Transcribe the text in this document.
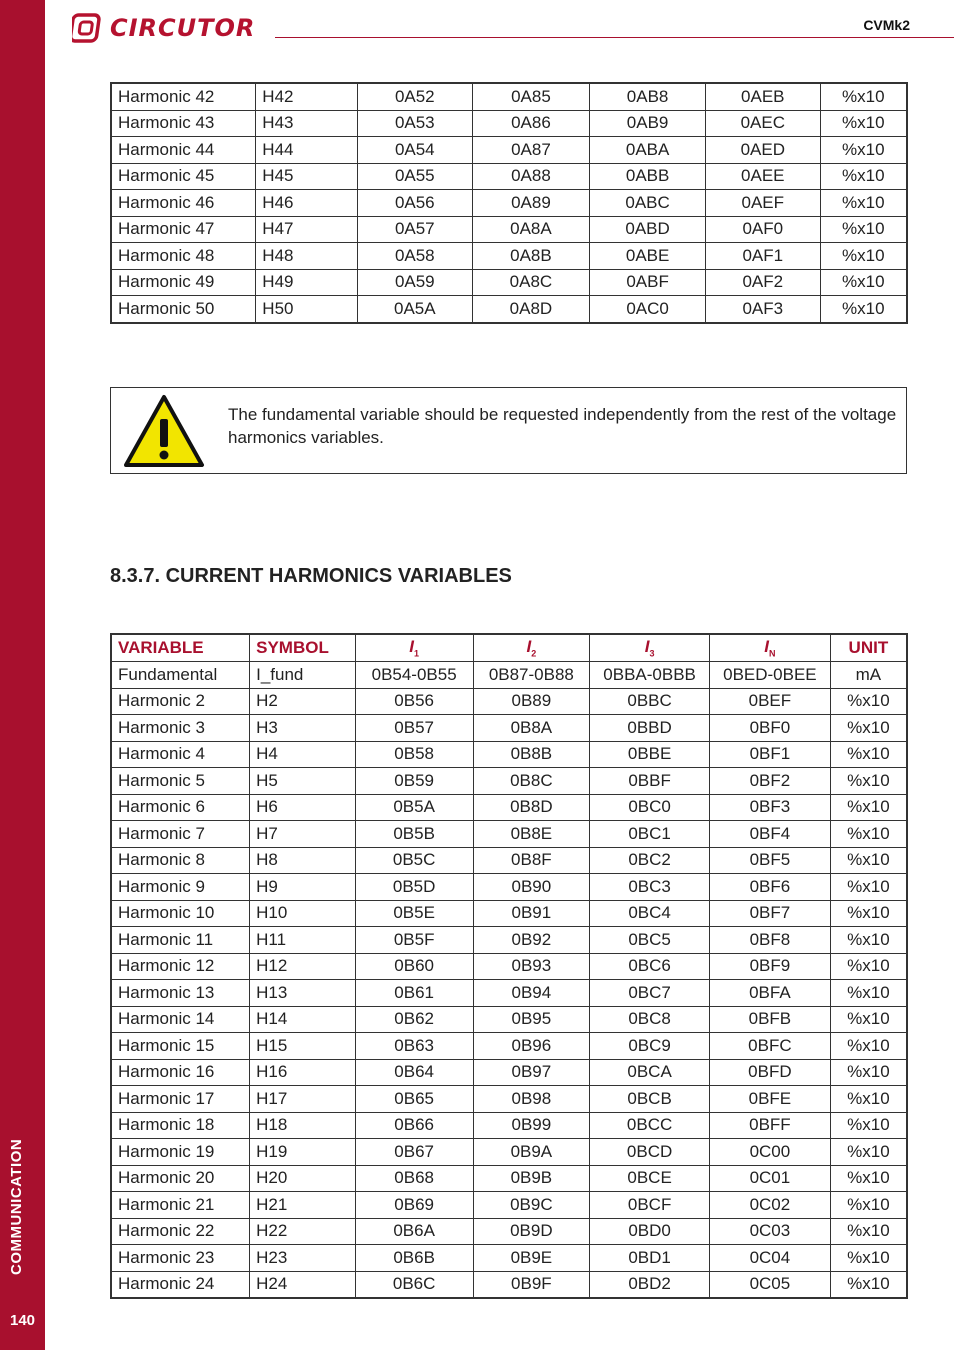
COMMUNICATION
140
CIRCUTOR	CVMk2
Harmonic 42	H42	0A52	0A85	0AB8	0AEB	%x10
Harmonic 43	H43	0A53	0A86	0AB9	0AEC	%x10
Harmonic 44	H44	0A54	0A87	0ABA	0AED	%x10
Harmonic 45	H45	0A55	0A88	0ABB	0AEE	%x10
Harmonic 46	H46	0A56	0A89	0ABC	0AEF	%x10
Harmonic 47	H47	0A57	0A8A	0ABD	0AF0	%x10
Harmonic 48	H48	0A58	0A8B	0ABE	0AF1	%x10
Harmonic 49	H49	0A59	0A8C	0ABF	0AF2	%x10
Harmonic 50	H50	0A5A	0A8D	0AC0	0AF3	%x10
The fundamental variable should be requested independently from the rest of the voltage harmonics variables.
8.3.7. CURRENT HARMONICS VARIABLES
VARIABLE	SYMBOL	$I_1$	$I_2$	$I_3$	$I_N$	UNIT
Fundamental	I_fund	0B54-0B55	0B87-0B88	0BBA-0BBB	0BED-0BEE	mA
Harmonic 2	H2	0B56	0B89	0BBC	0BEF	%x10
Harmonic 3	H3	0B57	0B8A	0BBD	0BF0	%x10
Harmonic 4	H4	0B58	0B8B	0BBE	0BF1	%x10
Harmonic 5	H5	0B59	0B8C	0BBF	0BF2	%x10
Harmonic 6	H6	0B5A	0B8D	0BC0	0BF3	%x10
Harmonic 7	H7	0B5B	0B8E	0BC1	0BF4	%x10
Harmonic 8	H8	0B5C	0B8F	0BC2	0BF5	%x10
Harmonic 9	H9	0B5D	0B90	0BC3	0BF6	%x10
Harmonic 10	H10	0B5E	0B91	0BC4	0BF7	%x10
Harmonic 11	H11	0B5F	0B92	0BC5	0BF8	%x10
Harmonic 12	H12	0B60	0B93	0BC6	0BF9	%x10
Harmonic 13	H13	0B61	0B94	0BC7	0BFA	%x10
Harmonic 14	H14	0B62	0B95	0BC8	0BFB	%x10
Harmonic 15	H15	0B63	0B96	0BC9	0BFC	%x10
Harmonic 16	H16	0B64	0B97	0BCA	0BFD	%x10
Harmonic 17	H17	0B65	0B98	0BCB	0BFE	%x10
Harmonic 18	H18	0B66	0B99	0BCC	0BFF	%x10
Harmonic 19	H19	0B67	0B9A	0BCD	0C00	%x10
Harmonic 20	H20	0B68	0B9B	0BCE	0C01	%x10
Harmonic 21	H21	0B69	0B9C	0BCF	0C02	%x10
Harmonic 22	H22	0B6A	0B9D	0BD0	0C03	%x10
Harmonic 23	H23	0B6B	0B9E	0BD1	0C04	%x10
Harmonic 24	H24	0B6C	0B9F	0BD2	0C05	%x10
